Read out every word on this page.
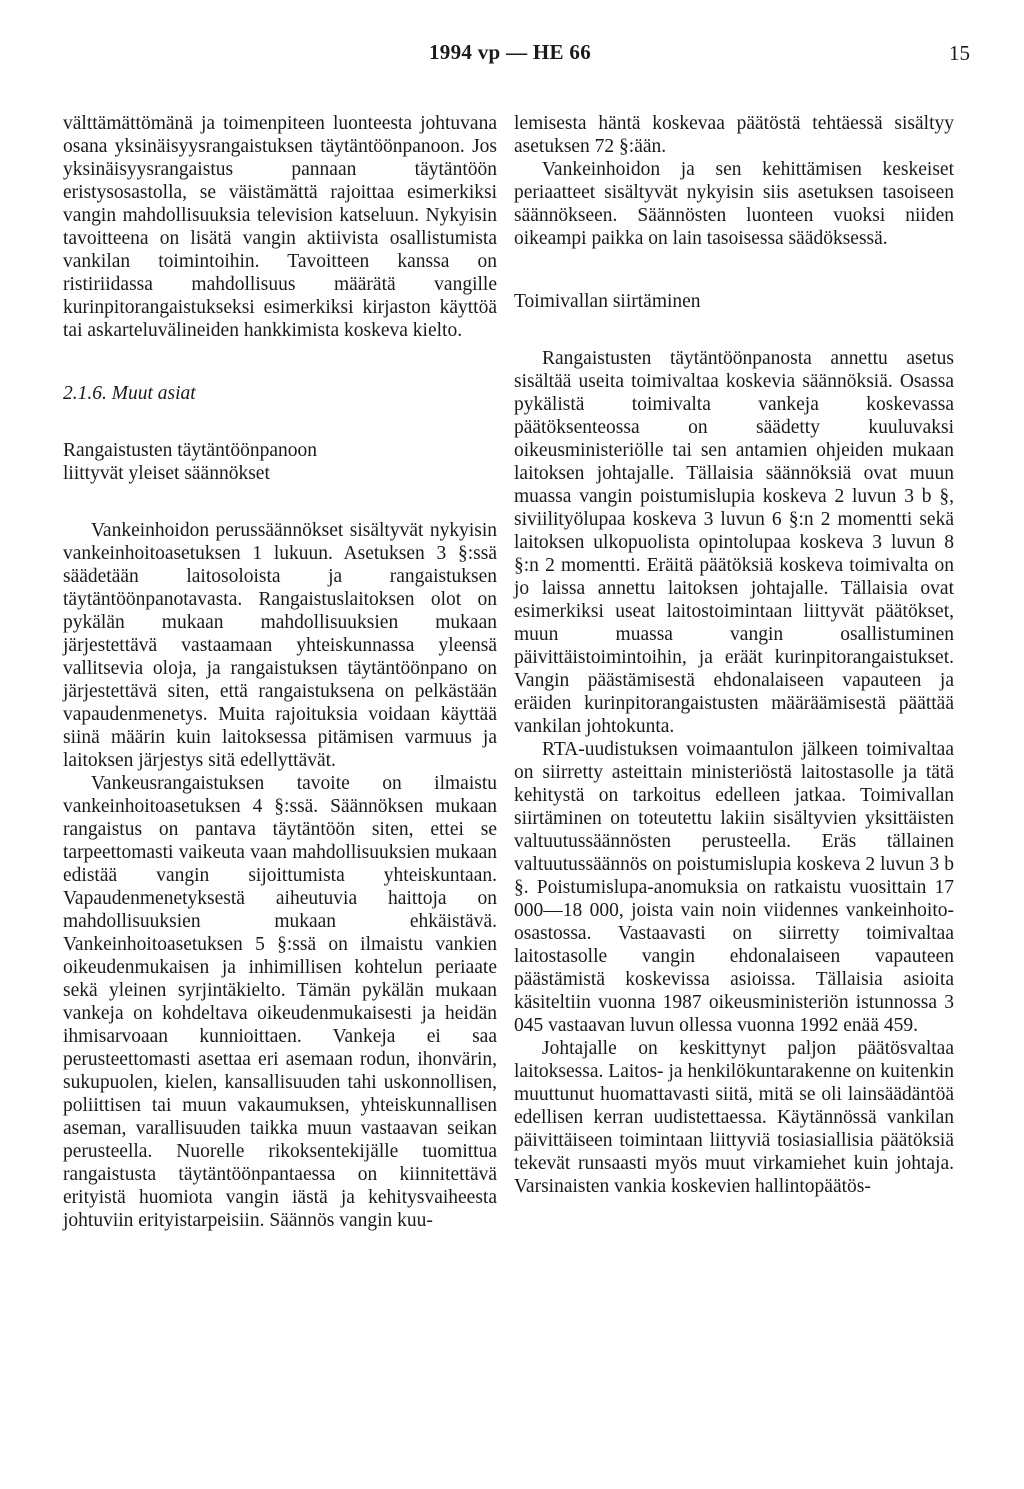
1994 vp — HE 66	15

välttämättömänä ja toimenpiteen luonteesta johtuvana osana yksinäisyysrangaistuksen täytäntöönpanoon. Jos yksinäisyysrangaistus pannaan täytäntöön eristysosastolla, se väistämättä rajoittaa esimerkiksi vangin mahdollisuuksia television katseluun. Nykyisin tavoitteena on lisätä vangin aktiivista osallistumista vankilan toimintoihin. Tavoitteen kanssa on ristiriidassa mahdollisuus määrätä vangille kurinpitorangaistukseksi esimerkiksi kirjaston käyttöä tai askarteluvälineiden hankkimista koskeva kielto.

2.1.6. Muut asiat

Rangaistusten täytäntöönpanoon liittyvät yleiset säännökset

Vankeinhoidon perussäännökset sisältyvät nykyisin vankeinhoitoasetuksen 1 lukuun. Asetuksen 3 §:ssä säädetään laitosoloista ja rangaistuksen täytäntöönpanotavasta. Rangaistuslaitoksen olot on pykälän mukaan mahdollisuuksien mukaan järjestettävä vastaamaan yhteiskunnassa yleensä vallitsevia oloja, ja rangaistuksen täytäntöönpano on järjestettävä siten, että rangaistuksena on pelkästään vapaudenmenetys. Muita rajoituksia voidaan käyttää siinä määrin kuin laitoksessa pitämisen varmuus ja laitoksen järjestys sitä edellyttävät.

Vankeusrangaistuksen tavoite on ilmaistu vankeinhoitoasetuksen 4 §:ssä. Säännöksen mukaan rangaistus on pantava täytäntöön siten, ettei se tarpeettomasti vaikeuta vaan mahdollisuuksien mukaan edistää vangin sijoittumista yhteiskuntaan. Vapaudenmenetyksestä aiheutuvia haittoja on mahdollisuuksien mukaan ehkäistävä. Vankeinhoitoasetuksen 5 §:ssä on ilmaistu vankien oikeudenmukaisen ja inhimillisen kohtelun periaate sekä yleinen syrjintäkielto. Tämän pykälän mukaan vankeja on kohdeltava oikeudenmukaisesti ja heidän ihmisarvoaan kunnioittaen. Vankeja ei saa perusteettomasti asettaa eri asemaan rodun, ihonvärin, sukupuolen, kielen, kansallisuuden tahi uskonnollisen, poliittisen tai muun vakaumuksen, yhteiskunnallisen aseman, varallisuuden taikka muun vastaavan seikan perusteella. Nuorelle rikoksentekijälle tuomittua rangaistusta täytäntöönpantaessa on kiinnitettävä erityistä huomiota vangin iästä ja kehitysvaiheesta johtuviin erityistarpeisiin. Säännös vangin kuu-

lemisesta häntä koskevaa päätöstä tehtäessä sisältyy asetuksen 72 §:ään.

Vankeinhoidon ja sen kehittämisen keskeiset periaatteet sisältyvät nykyisin siis asetuksen tasoiseen säännökseen. Säännösten luonteen vuoksi niiden oikeampi paikka on lain tasoisessa säädöksessä.

Toimivallan siirtäminen

Rangaistusten täytäntöönpanosta annettu asetus sisältää useita toimivaltaa koskevia säännöksiä. Osassa pykälistä toimivalta vankeja koskevassa päätöksenteossa on säädetty kuuluvaksi oikeusministeriölle tai sen antamien ohjeiden mukaan laitoksen johtajalle. Tällaisia säännöksiä ovat muun muassa vangin poistumislupia koskeva 2 luvun 3 b §, siviilityölupaa koskeva 3 luvun 6 §:n 2 momentti sekä laitoksen ulkopuolista opintolupaa koskeva 3 luvun 8 §:n 2 momentti. Eräitä päätöksiä koskeva toimivalta on jo laissa annettu laitoksen johtajalle. Tällaisia ovat esimerkiksi useat laitostoimintaan liittyvät päätökset, muun muassa vangin osallistuminen päivittäistoimintoihin, ja eräät kurinpitorangaistukset. Vangin päästämisestä ehdonalaiseen vapauteen ja eräiden kurinpitorangaistusten määräämisestä päättää vankilan johtokunta.

RTA-uudistuksen voimaantulon jälkeen toimivaltaa on siirretty asteittain ministeriöstä laitostasolle ja tätä kehitystä on tarkoitus edelleen jatkaa. Toimivallan siirtäminen on toteutettu lakiin sisältyvien yksittäisten valtuutussäännösten perusteella. Eräs tällainen valtuutussäännös on poistumislupia koskeva 2 luvun 3 b §. Poistumislupa-anomuksia on ratkaistu vuosittain 17 000—18 000, joista vain noin viidennes vankeinhoito-osastossa. Vastaavasti on siirretty toimivaltaa laitostasolle vangin ehdonalaiseen vapauteen päästämistä koskevissa asioissa. Tällaisia asioita käsiteltiin vuonna 1987 oikeusministeriön istunnossa 3 045 vastaavan luvun ollessa vuonna 1992 enää 459.

Johtajalle on keskittynyt paljon päätösvaltaa laitoksessa. Laitos- ja henkilökuntarakenne on kuitenkin muuttunut huomattavasti siitä, mitä se oli lainsäädäntöä edellisen kerran uudistettaessa. Käytännössä vankilan päivittäiseen toimintaan liittyviä tosiasiallisia päätöksiä tekevät runsaasti myös muut virkamiehet kuin johtaja. Varsinaisten vankia koskevien hallintopäätös-
